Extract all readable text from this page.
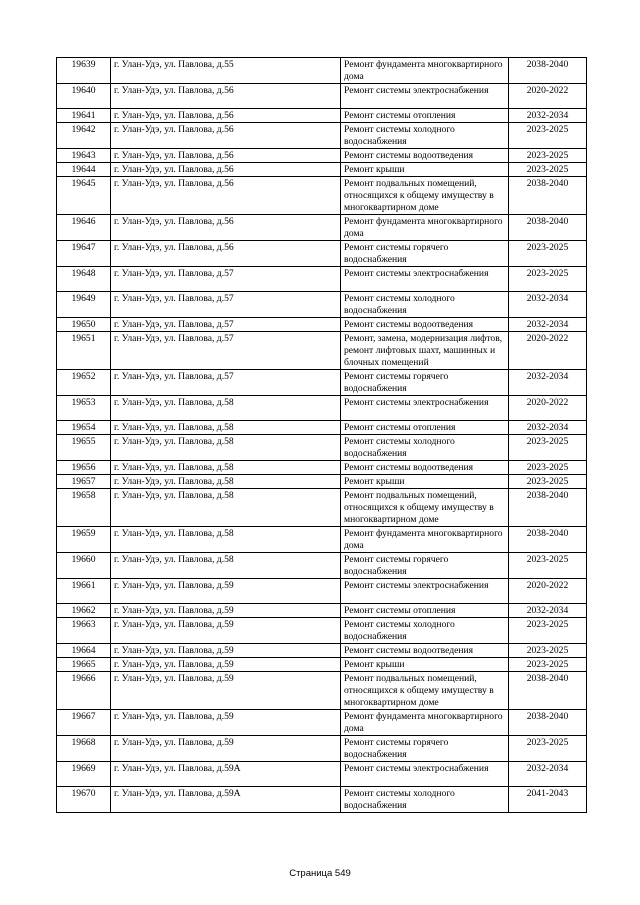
19639	г. Улан-Удэ, ул. Павлова, д.55	Ремонт фундамента многоквартирного дома	2038-2040
19640	г. Улан-Удэ, ул. Павлова, д.56	Ремонт системы электроснабжения	2020-2022
19641	г. Улан-Удэ, ул. Павлова, д.56	Ремонт системы отопления	2032-2034
19642	г. Улан-Удэ, ул. Павлова, д.56	Ремонт системы холодного водоснабжения	2023-2025
19643	г. Улан-Удэ, ул. Павлова, д.56	Ремонт системы водоотведения	2023-2025
19644	г. Улан-Удэ, ул. Павлова, д.56	Ремонт крыши	2023-2025
19645	г. Улан-Удэ, ул. Павлова, д.56	Ремонт подвальных помещений, относящихся к общему имуществу в многоквартирном доме	2038-2040
19646	г. Улан-Удэ, ул. Павлова, д.56	Ремонт фундамента многоквартирного дома	2038-2040
19647	г. Улан-Удэ, ул. Павлова, д.56	Ремонт системы горячего водоснабжения	2023-2025
19648	г. Улан-Удэ, ул. Павлова, д.57	Ремонт системы электроснабжения	2023-2025
19649	г. Улан-Удэ, ул. Павлова, д.57	Ремонт системы холодного водоснабжения	2032-2034
19650	г. Улан-Удэ, ул. Павлова, д.57	Ремонт системы водоотведения	2032-2034
19651	г. Улан-Удэ, ул. Павлова, д.57	Ремонт, замена, модернизация лифтов, ремонт лифтовых шахт, машинных и блочных помещений	2020-2022
19652	г. Улан-Удэ, ул. Павлова, д.57	Ремонт системы горячего водоснабжения	2032-2034
19653	г. Улан-Удэ, ул. Павлова, д.58	Ремонт системы электроснабжения	2020-2022
19654	г. Улан-Удэ, ул. Павлова, д.58	Ремонт системы отопления	2032-2034
19655	г. Улан-Удэ, ул. Павлова, д.58	Ремонт системы холодного водоснабжения	2023-2025
19656	г. Улан-Удэ, ул. Павлова, д.58	Ремонт системы водоотведения	2023-2025
19657	г. Улан-Удэ, ул. Павлова, д.58	Ремонт крыши	2023-2025
19658	г. Улан-Удэ, ул. Павлова, д.58	Ремонт подвальных помещений, относящихся к общему имуществу в многоквартирном доме	2038-2040
19659	г. Улан-Удэ, ул. Павлова, д.58	Ремонт фундамента многоквартирного дома	2038-2040
19660	г. Улан-Удэ, ул. Павлова, д.58	Ремонт системы горячего водоснабжения	2023-2025
19661	г. Улан-Удэ, ул. Павлова, д.59	Ремонт системы электроснабжения	2020-2022
19662	г. Улан-Удэ, ул. Павлова, д.59	Ремонт системы отопления	2032-2034
19663	г. Улан-Удэ, ул. Павлова, д.59	Ремонт системы холодного водоснабжения	2023-2025
19664	г. Улан-Удэ, ул. Павлова, д.59	Ремонт системы водоотведения	2023-2025
19665	г. Улан-Удэ, ул. Павлова, д.59	Ремонт крыши	2023-2025
19666	г. Улан-Удэ, ул. Павлова, д.59	Ремонт подвальных помещений, относящихся к общему имуществу в многоквартирном доме	2038-2040
19667	г. Улан-Удэ, ул. Павлова, д.59	Ремонт фундамента многоквартирного дома	2038-2040
19668	г. Улан-Удэ, ул. Павлова, д.59	Ремонт системы горячего водоснабжения	2023-2025
19669	г. Улан-Удэ, ул. Павлова, д.59А	Ремонт системы электроснабжения	2032-2034
19670	г. Улан-Удэ, ул. Павлова, д.59А	Ремонт системы холодного водоснабжения	2041-2043
Страница 549
